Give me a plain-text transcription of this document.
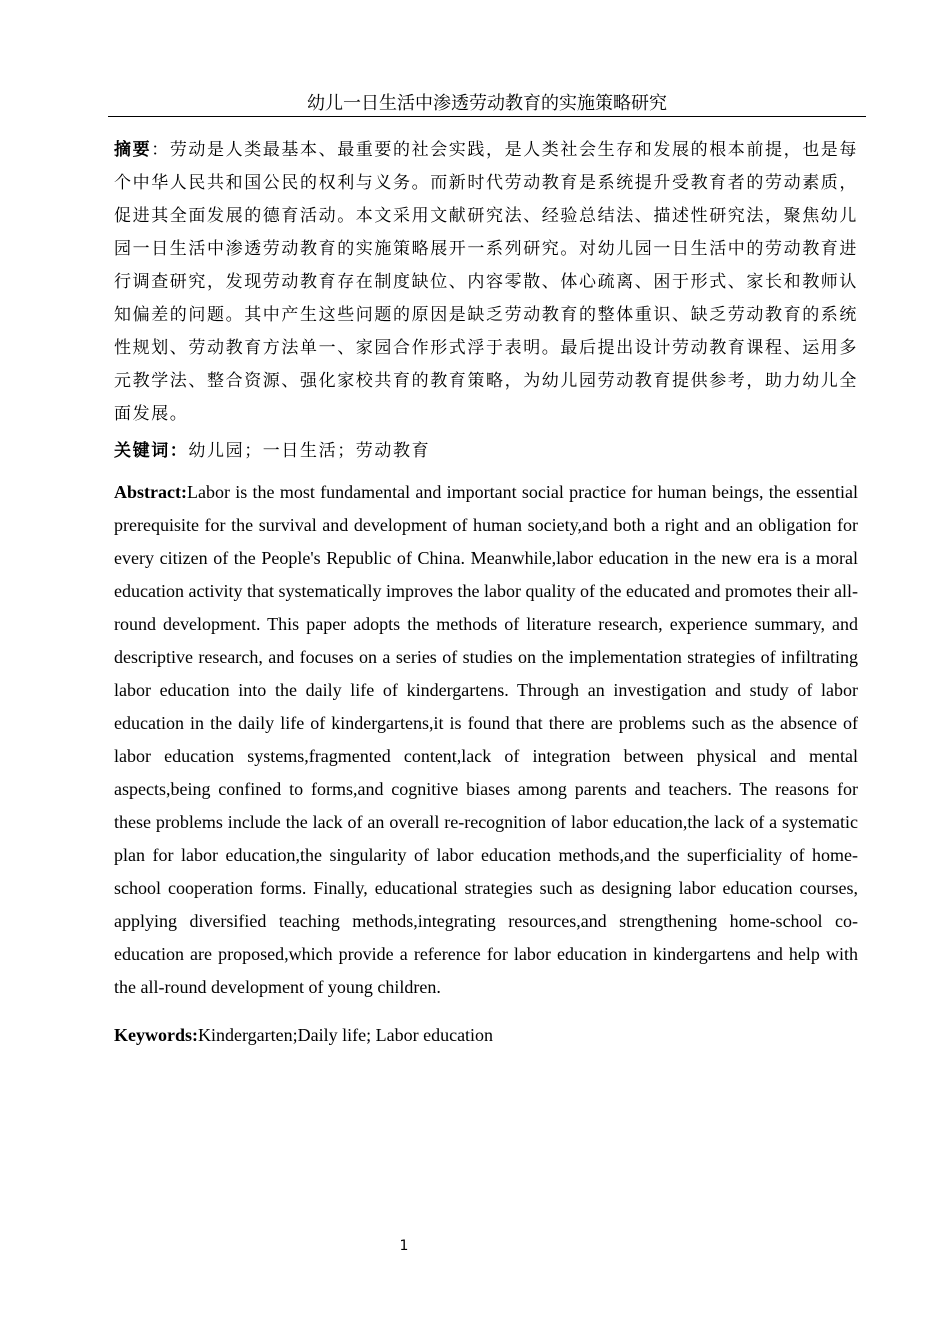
幼儿一日生活中渗透劳动教育的实施策略研究

摘要：劳动是人类最基本、最重要的社会实践，是人类社会生存和发展的根本前提，也是每个中华人民共和国公民的权利与义务。而新时代劳动教育是系统提升受教育者的劳动素质，促进其全面发展的德育活动。本文采用文献研究法、经验总结法、描述性研究法，聚焦幼儿园一日生活中渗透劳动教育的实施策略展开一系列研究。对幼儿园一日生活中的劳动教育进行调查研究，发现劳动教育存在制度缺位、内容零散、体心疏离、困于形式、家长和教师认知偏差的问题。其中产生这些问题的原因是缺乏劳动教育的整体重识、缺乏劳动教育的系统性规划、劳动教育方法单一、家园合作形式浮于表明。最后提出设计劳动教育课程、运用多元教学法、整合资源、强化家校共育的教育策略，为幼儿园劳动教育提供参考，助力幼儿全面发展。

关键词：幼儿园；一日生活；劳动教育

Abstract:Labor is the most fundamental and important social practice for human beings, the essential prerequisite for the survival and development of human society,and both a right and an obligation for every citizen of the People's Republic of China. Meanwhile,labor education in the new era is a moral education activity that systematically improves the labor quality of the educated and promotes their all-round development. This paper adopts the methods of literature research, experience summary, and descriptive research, and focuses on a series of studies on the implementation strategies of infiltrating labor education into the daily life of kindergartens. Through an investigation and study of labor education in the daily life of kindergartens,it is found that there are problems such as the absence of labor education systems,fragmented content,lack of integration between physical and mental aspects,being confined to forms,and cognitive biases among parents and teachers. The reasons for these problems include the lack of an overall re-recognition of labor education,the lack of a systematic plan for labor education,the singularity of labor education methods,and the superficiality of home-school cooperation forms. Finally, educational strategies such as designing labor education courses, applying diversified teaching methods,integrating resources,and strengthening home-school co-education are proposed,which provide a reference for labor education in kindergartens and help with the all-round development of young children.

Keywords:Kindergarten;Daily life; Labor education

1
